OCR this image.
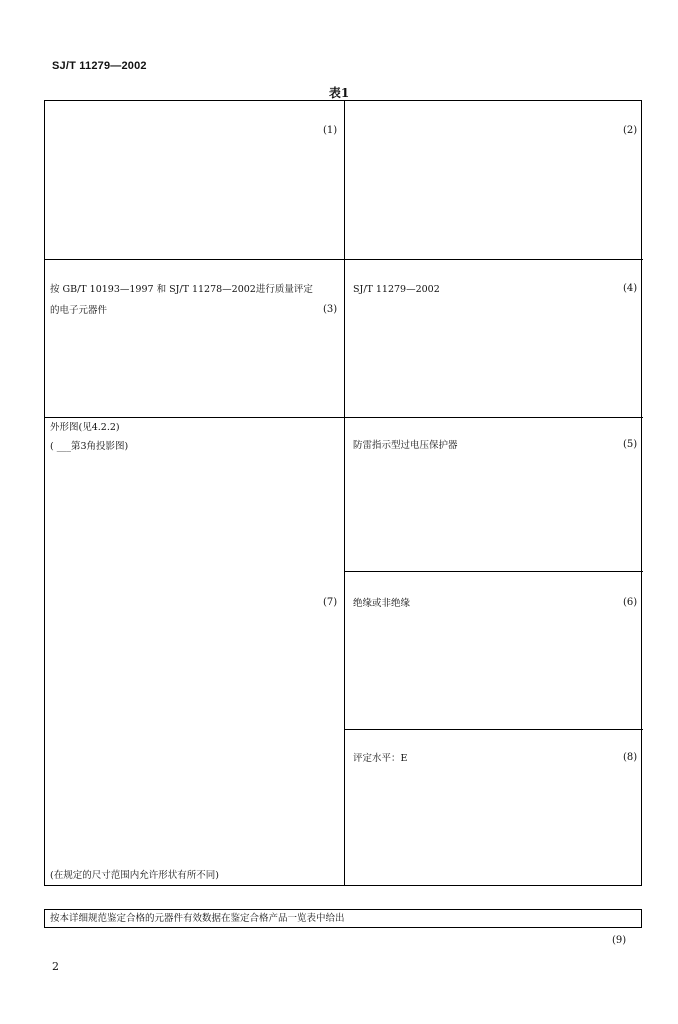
SJ/T 11279—2002
表1
(1)	(2)
按 GB/T 10193—1997 和 SJ/T 11278—2002进行质量评定
的电子元器件	(3)
SJ/T 11279—2002	(4)
外形图(见4.2.2)
( ___第3角投影图)
(7)
(在规定的尺寸范围内允许形状有所不同)
防雷指示型过电压保护器	(5)
绝缘或非绝缘	(6)
评定水平：E	(8)
按本详细规范鉴定合格的元器件有效数据在鉴定合格产品一览表中给出
(9)
2
